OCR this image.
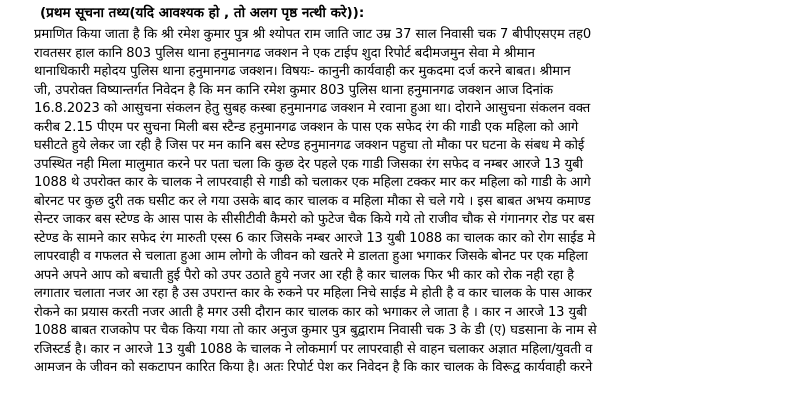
(प्रथम सूचना तथ्य(यदि आवश्यक हो , तो अलग पृष्ठ नत्थी करे)):
प्रमाणित किया जाता है कि श्री रमेश कुमार पुत्र श्री श्योपत राम जाति जाट उम्र 37 साल निवासी चक 7 बीपीएसएम तह0
रावतसर हाल कानि 803 पुलिस थाना हनुमानगढ जक्शन ने एक टाईप शुदा रिपोर्ट बदीमजमुन सेवा मे श्रीमान
थानाधिकारी महोदय पुलिस थाना हनुमानगढ जक्शन। विषयः- कानुनी कार्यवाही कर मुकदमा दर्ज करने बाबत। श्रीमान
जी, उपरोक्त विष्यान्तर्गत निवेदन है कि मन कानि रमेश कुमार 803 पुलिस थाना हनुमानगढ जक्शन आज दिनांक
16.8.2023 को आसुचना संकलन हेतु सुबह कस्बा हनुमानगढ जक्शन मे रवाना हुआ था। दोराने आसुचना संकलन वक्त
करीब 2.15 पीएम पर सुचना मिली बस स्टैन्ड हनुमानगढ जक्शन के पास एक सफेद रंग की गाडी एक महिला को आगे
घसीटते हुये लेकर जा रही है जिस पर मन कानि बस स्टेण्ड हनुमानगढ जक्शन पहुचा तो मौका पर घटना के संबध मे कोई
उपस्थित नही मिला मालुमात करने पर पता चला कि कुछ देर पहले एक गाडी जिसका रंग सफेद व नम्बर आरजे 13 युबी
1088 थे उपरोक्त कार के चालक ने लापरवाही से गाडी को चलाकर एक महिला टक्कर मार कर महिला को गाडी के आगे
बोरनट पर कुछ दुरी तक घसीट कर ले गया उसके बाद कार चालक व महिला मौका से चले गये । इस बाबत अभय कमाण्ड
सेन्टर जाकर बस स्टेण्ड के आस पास के सीसीटीवी कैमरो को फुटेज चैक किये गये तो राजीव चौक से गंगानगर रोड पर बस
स्टेण्ड के सामने कार सफेद रंग मारुती एस्स 6 कार जिसके नम्बर आरजे 13 युबी 1088 का चालक कार को रोग साईड मे
लापरवाही व गफलत से चलाता हुआ आम लोगो के जीवन को खतरे मे डालता हुआ भगाकर जिसके बोनट पर एक महिला
अपने अपने आप को बचाती हुई पैरो को उपर उठाते हुये नजर आ रही है कार चालक फिर भी कार को रोक नही रहा है
लगातार चलाता नजर आ रहा है उस उपरान्त कार के रुकने पर महिला निचे साईड मे होती है व कार चालक के पास आकर
रोकने का प्रयास करती नजर आती है मगर उसी दौरान कार चालक कार को भगाकर ले जाता है । कार न आरजे 13 युबी
1088 बाबत राजकोप पर चैक किया गया तो कार अनुज कुमार पुत्र बुद्वाराम निवासी चक 3 के डी (ए) घडसाना के नाम से
रजिस्टर्ड है। कार न आरजे 13 युबी 1088 के चालक ने लोकमार्ग पर लापरवाही से वाहन चलाकर अज्ञात महिला/युवती व
आमजन के जीवन को सकटापन कारित किया है। अतः रिपोर्ट पेश कर निवेदन है कि कार चालक के विरूद्व कार्यवाही करने
